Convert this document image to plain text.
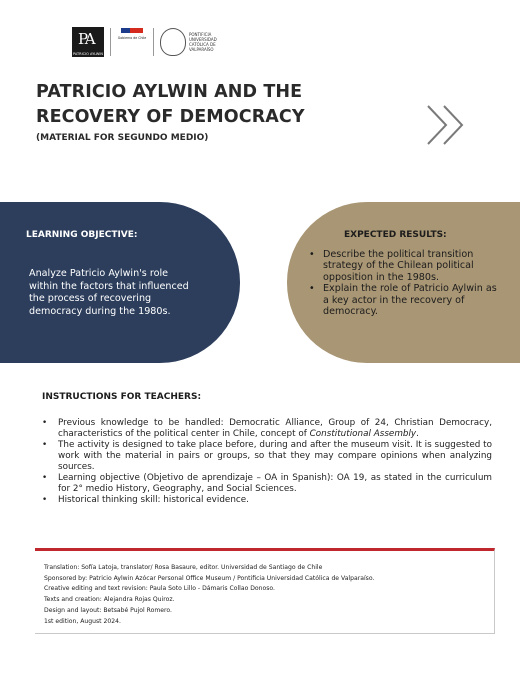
PA
PATRICIO AYLWIN
Gobierno de Chile
PONTIFICIA
UNIVERSIDAD
CATÓLICA DE
VALPARAÍSO
PATRICIO AYLWIN AND THE
RECOVERY OF DEMOCRACY
(MATERIAL FOR SEGUNDO MEDIO)
LEARNING OBJECTIVE:
Analyze Patricio Aylwin's role
within the factors that influenced
the process of recovering
democracy during the 1980s.
EXPECTED RESULTS:
• Describe the political transition
strategy of the Chilean political
opposition in the 1980s.
• Explain the role of Patricio Aylwin as
a key actor in the recovery of
democracy.
INSTRUCTIONS FOR TEACHERS:
• Previous knowledge to be handled: Democratic Alliance, Group of 24, Christian Democracy, characteristics of the political center in Chile, concept of Constitutional Assembly.
• The activity is designed to take place before, during and after the museum visit. It is suggested to work with the material in pairs or groups, so that they may compare opinions when analyzing sources.
• Learning objective (Objetivo de aprendizaje – OA in Spanish): OA 19, as stated in the curriculum for 2° medio History, Geography, and Social Sciences.
• Historical thinking skill: historical evidence.
Translation: Sofía Latoja, translator/ Rosa Basaure, editor. Universidad de Santiago de Chile
Sponsored by: Patricio Aylwin Azócar Personal Office Museum / Pontificia Universidad Católica de Valparaíso.
Creative editing and text revision: Paula Soto Lillo - Dámaris Collao Donoso.
Texts and creation: Alejandra Rojas Quiroz.
Design and layout: Betsabé Pujol Romero.
1st edition, August 2024.
